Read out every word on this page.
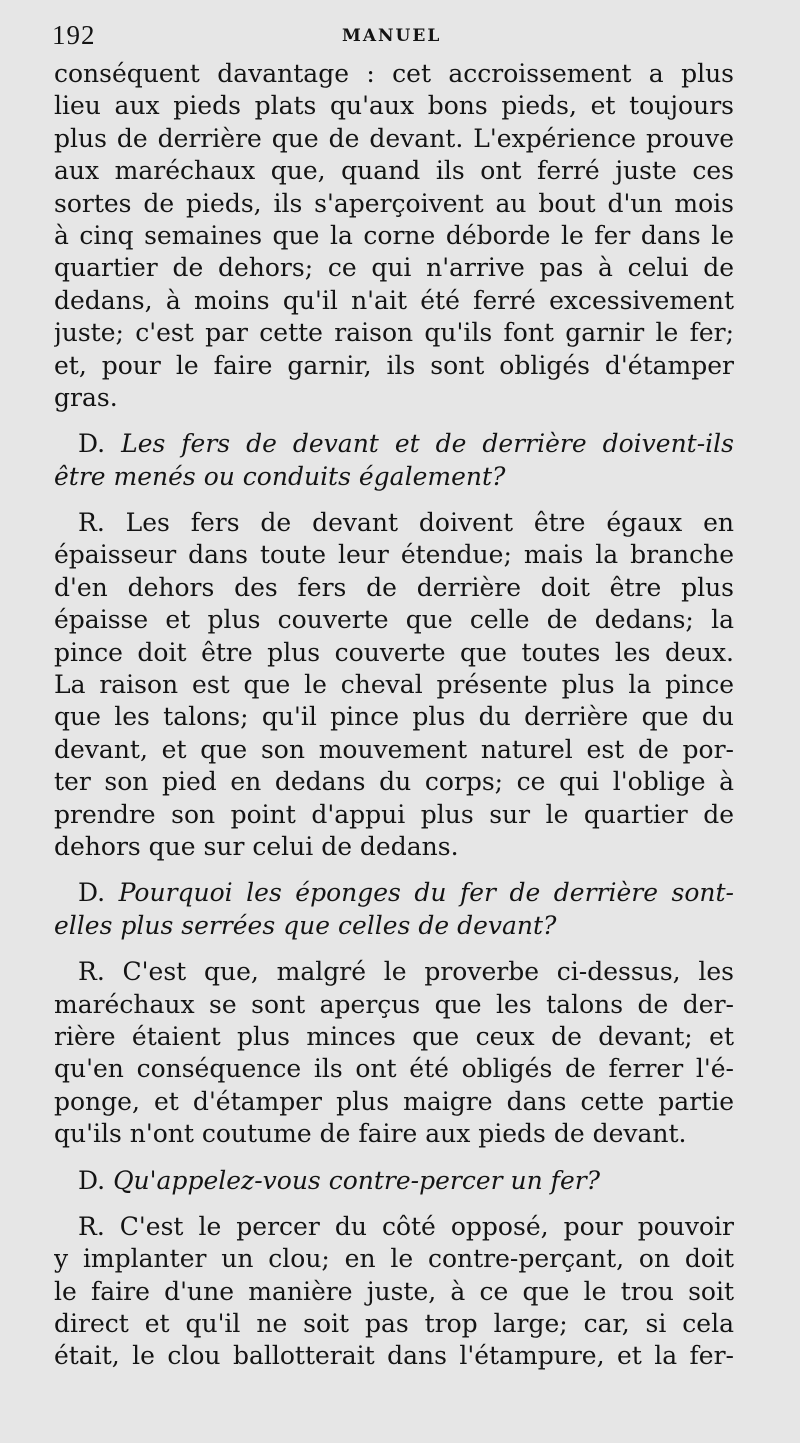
192	MANUEL
conséquent davantage : cet accroissement a plus
lieu aux pieds plats qu'aux bons pieds, et toujours
plus de derrière que de devant. L'expérience prouve
aux maréchaux que, quand ils ont ferré juste ces
sortes de pieds, ils s'aperçoivent au bout d'un mois
à cinq semaines que la corne déborde le fer dans le
quartier de dehors; ce qui n'arrive pas à celui de
dedans, à moins qu'il n'ait été ferré excessivement
juste; c'est par cette raison qu'ils font garnir le fer;
et, pour le faire garnir, ils sont obligés d'étamper
gras.
D. Les fers de devant et de derrière doivent-ils
être menés ou conduits également?
R. Les fers de devant doivent être égaux en
épaisseur dans toute leur étendue; mais la branche
d'en dehors des fers de derrière doit être plus
épaisse et plus couverte que celle de dedans; la
pince doit être plus couverte que toutes les deux.
La raison est que le cheval présente plus la pince
que les talons; qu'il pince plus du derrière que du
devant, et que son mouvement naturel est de por-
ter son pied en dedans du corps; ce qui l'oblige à
prendre son point d'appui plus sur le quartier de
dehors que sur celui de dedans.
D. Pourquoi les éponges du fer de derrière sont-
elles plus serrées que celles de devant?
R. C'est que, malgré le proverbe ci-dessus, les
maréchaux se sont aperçus que les talons de der-
rière étaient plus minces que ceux de devant; et
qu'en conséquence ils ont été obligés de ferrer l'é-
ponge, et d'étamper plus maigre dans cette partie
qu'ils n'ont coutume de faire aux pieds de devant.
D. Qu'appelez-vous contre-percer un fer?
R. C'est le percer du côté opposé, pour pouvoir
y implanter un clou; en le contre-perçant, on doit
le faire d'une manière juste, à ce que le trou soit
direct et qu'il ne soit pas trop large; car, si cela
était, le clou ballotterait dans l'étampure, et la fer-
